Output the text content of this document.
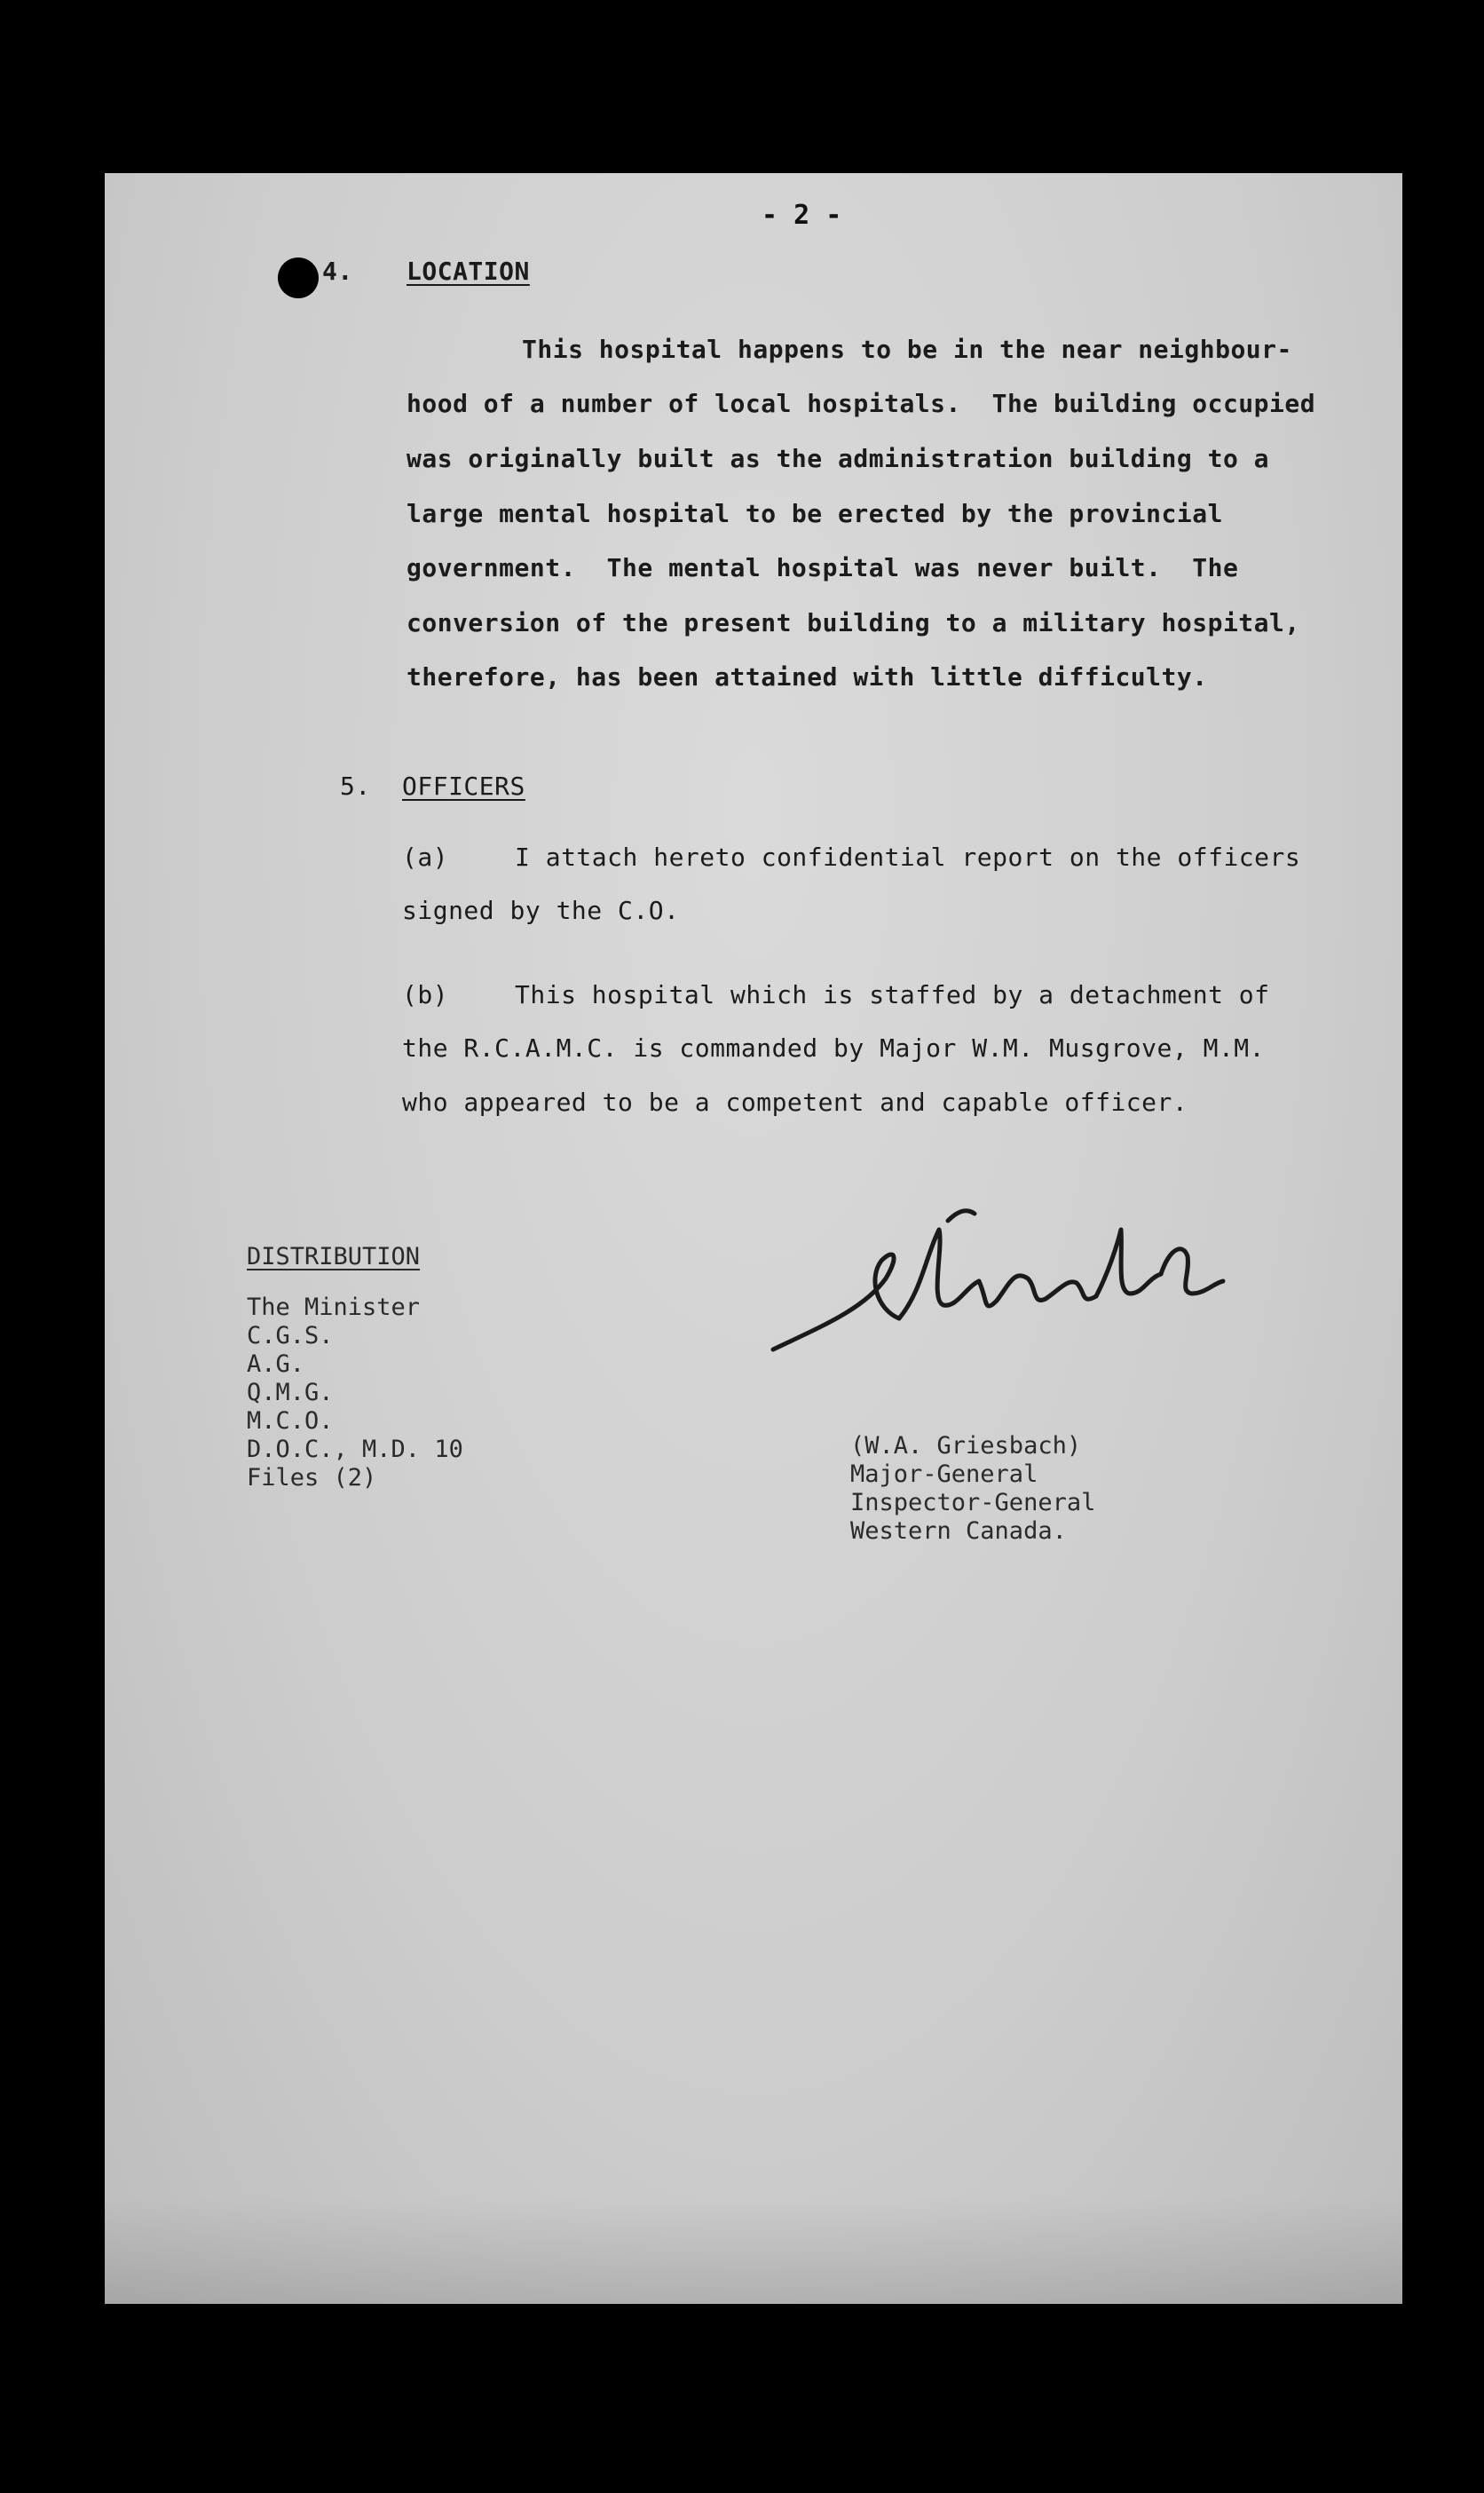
- 2 -
4. LOCATION
This hospital happens to be in the near neighbour-
hood of a number of local hospitals.  The building occupied
was originally built as the administration building to a
large mental hospital to be erected by the provincial
government.  The mental hospital was never built.  The
conversion of the present building to a military hospital,
therefore, has been attained with little difficulty.
5. OFFICERS
(a)	I attach hereto confidential report on the officers
signed by the C.O.
(b)	This hospital which is staffed by a detachment of
the R.C.A.M.C. is commanded by Major W.M. Musgrove, M.M.
who appeared to be a competent and capable officer.
DISTRIBUTION
The Minister
C.G.S.
A.G.
Q.M.G.
M.C.O.
D.O.C., M.D. 10
Files (2)
(W.A. Griesbach)
Major-General
Inspector-General
Western Canada.
